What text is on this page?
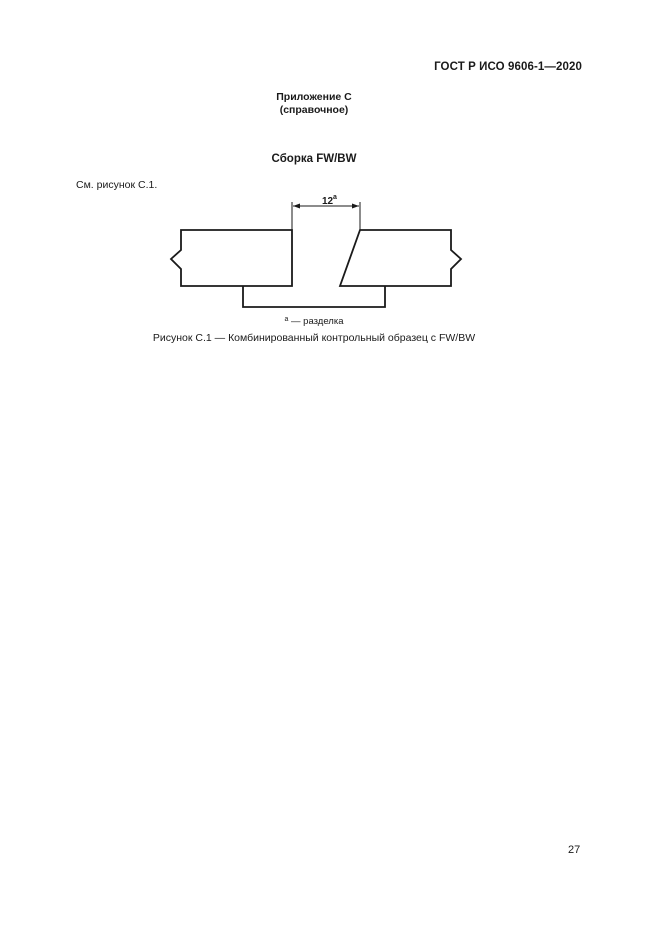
ГОСТ Р ИСО 9606-1—2020
Приложение С
(справочное)
Сборка FW/BW
См. рисунок С.1.
12 a
$^a$ — разделка
Рисунок С.1 — Комбинированный контрольный образец с FW/BW
27
